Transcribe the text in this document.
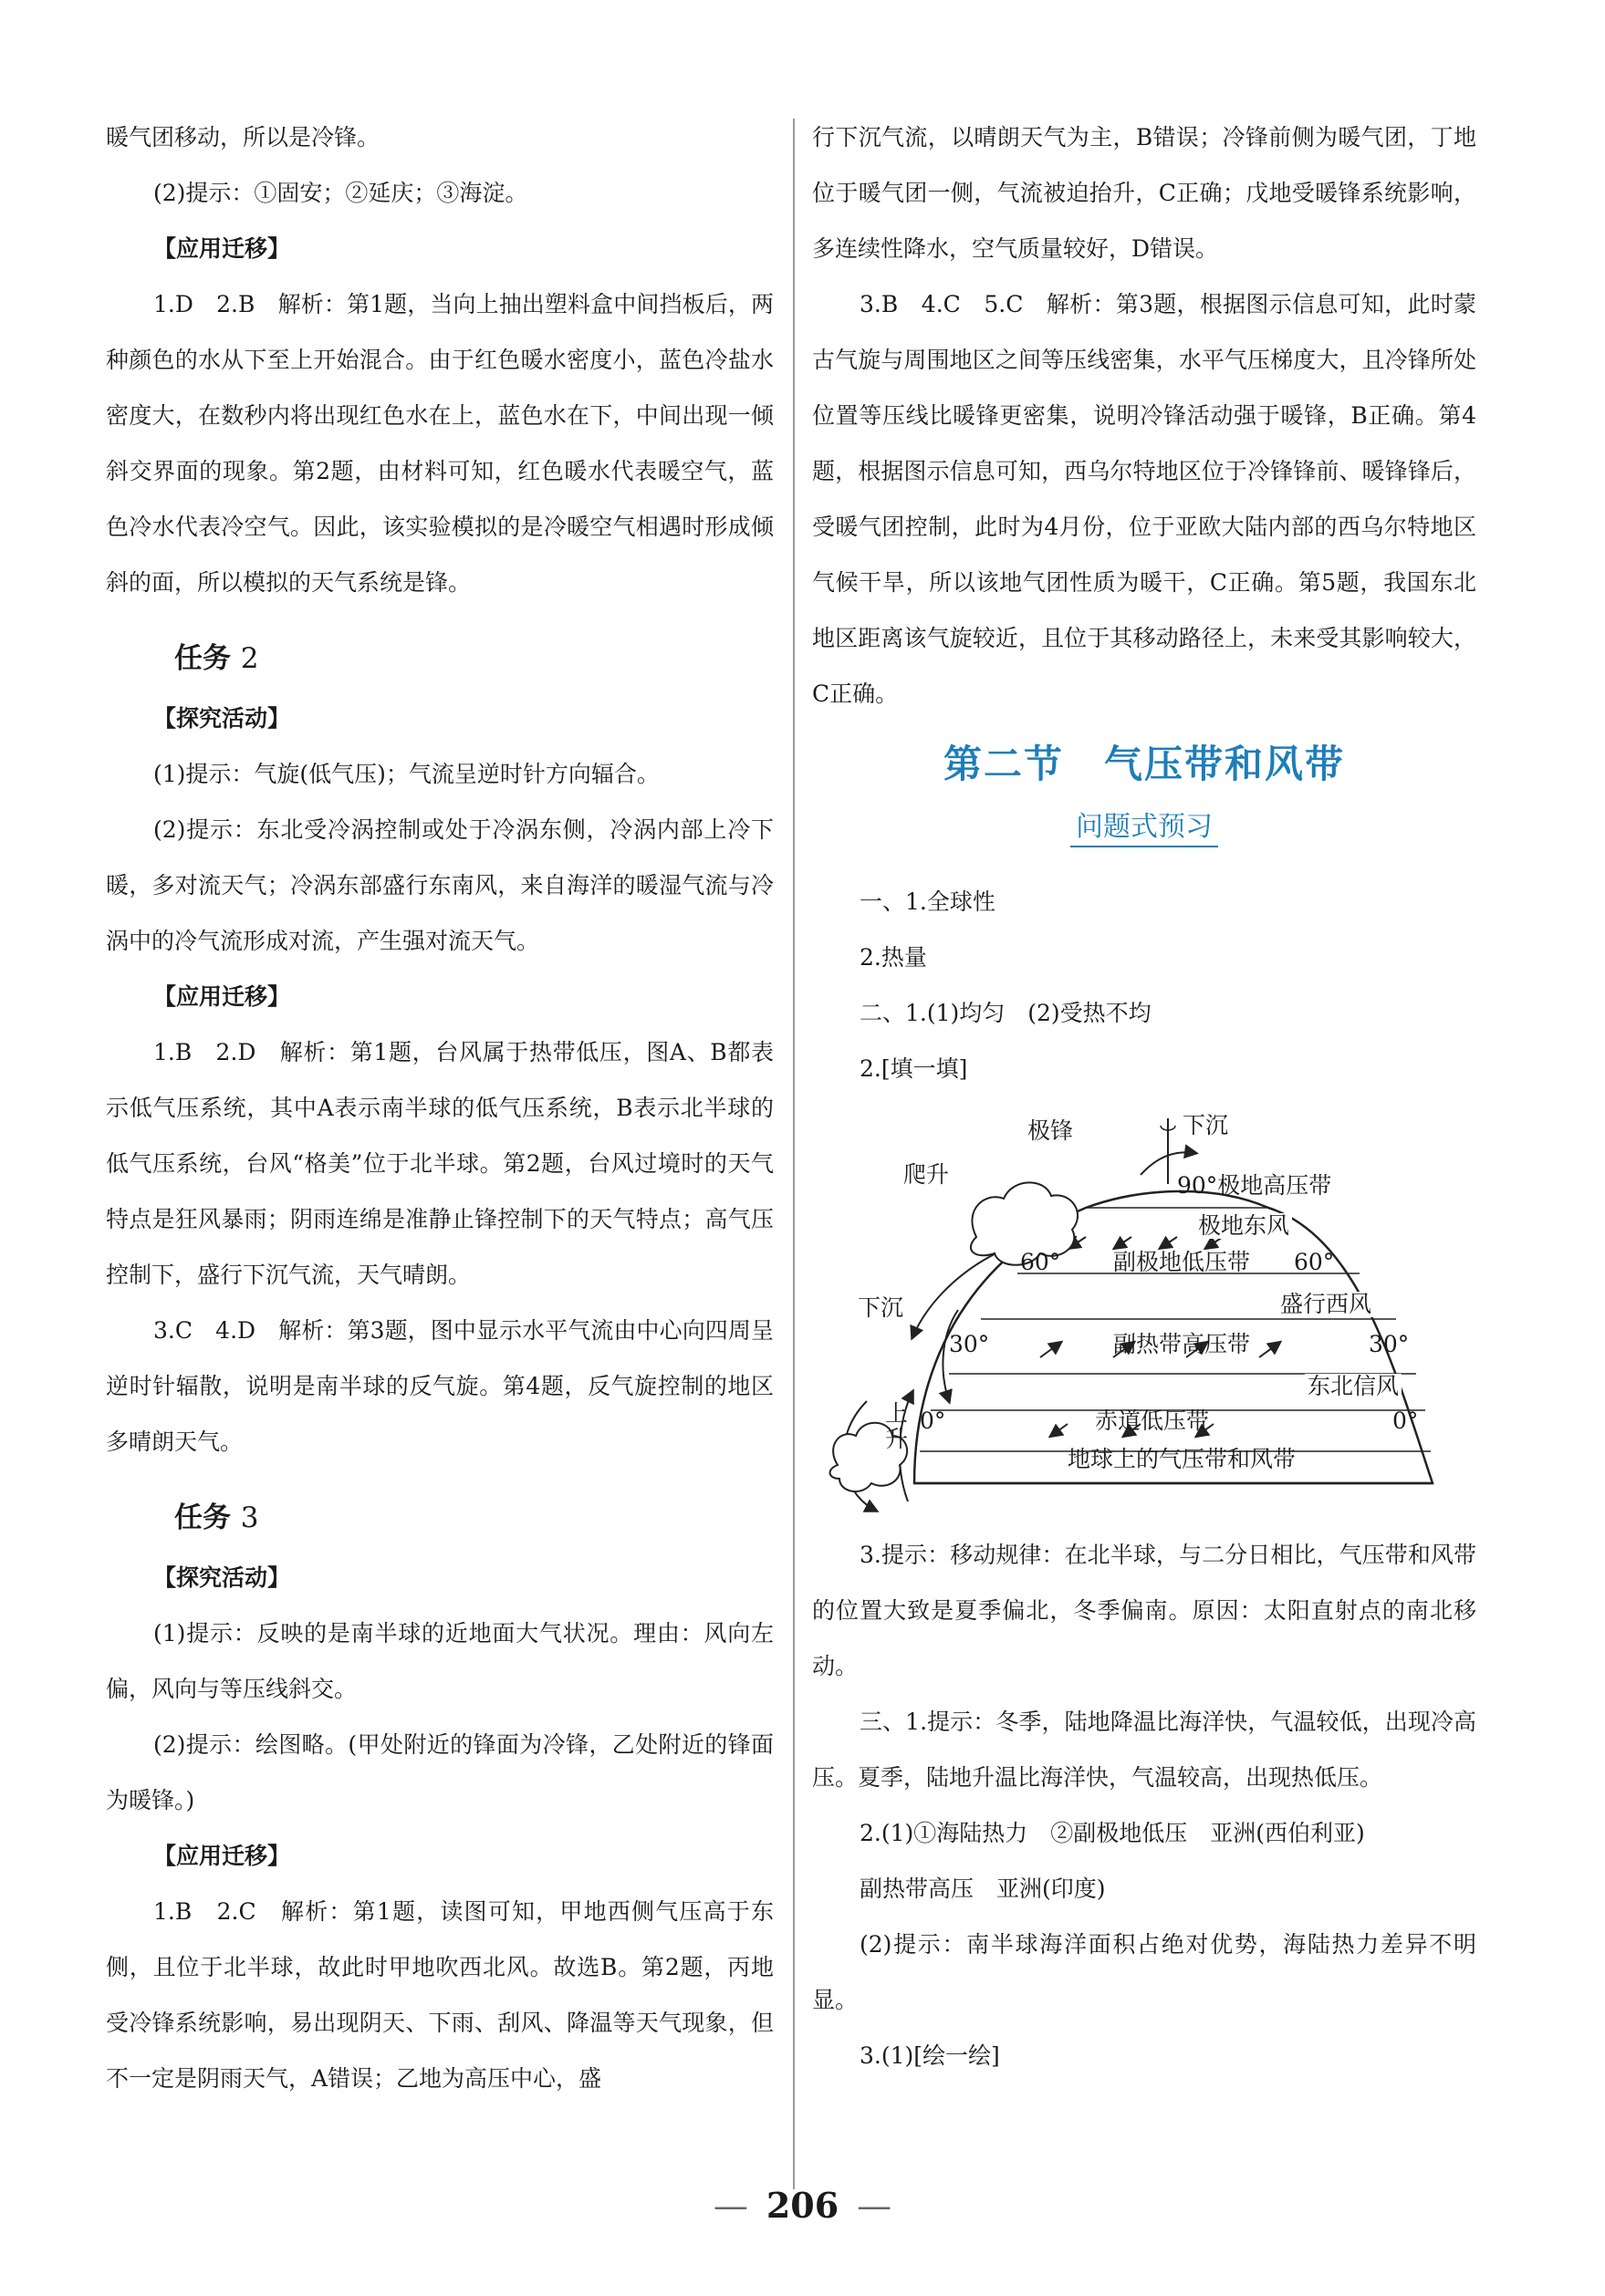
暖气团移动，所以是冷锋。

(2)提示：①固安；②延庆；③海淀。

【应用迁移】

1.D　2.B　解析：第1题，当向上抽出塑料盒中间挡板后，两种颜色的水从下至上开始混合。由于红色暖水密度小，蓝色冷盐水密度大，在数秒内将出现红色水在上，蓝色水在下，中间出现一倾斜交界面的现象。第2题，由材料可知，红色暖水代表暖空气，蓝色冷水代表冷空气。因此，该实验模拟的是冷暖空气相遇时形成倾斜的面，所以模拟的天气系统是锋。

任务 2

【探究活动】

(1)提示：气旋(低气压)；气流呈逆时针方向辐合。

(2)提示：东北受冷涡控制或处于冷涡东侧，冷涡内部上冷下暖，多对流天气；冷涡东部盛行东南风，来自海洋的暖湿气流与冷涡中的冷气流形成对流，产生强对流天气。

【应用迁移】

1.B　2.D　解析：第1题，台风属于热带低压，图A、B都表示低气压系统，其中A表示南半球的低气压系统，B表示北半球的低气压系统，台风“格美”位于北半球。第2题，台风过境时的天气特点是狂风暴雨；阴雨连绵是准静止锋控制下的天气特点；高气压控制下，盛行下沉气流，天气晴朗。

3.C　4.D　解析：第3题，图中显示水平气流由中心向四周呈逆时针辐散，说明是南半球的反气旋。第4题，反气旋控制的地区多晴朗天气。

任务 3

【探究活动】

(1)提示：反映的是南半球的近地面大气状况。理由：风向左偏，风向与等压线斜交。

(2)提示：绘图略。(甲处附近的锋面为冷锋，乙处附近的锋面为暖锋。)

【应用迁移】

1.B　2.C　解析：第1题，读图可知，甲地西侧气压高于东侧，且位于北半球，故此时甲地吹西北风。故选B。第2题，丙地受冷锋系统影响，易出现阴天、下雨、刮风、降温等天气现象，但不一定是阴雨天气，A错误；乙地为高压中心，盛

行下沉气流，以晴朗天气为主，B错误；冷锋前侧为暖气团，丁地位于暖气团一侧，气流被迫抬升，C正确；戊地受暖锋系统影响，多连续性降水，空气质量较好，D错误。

3.B　4.C　5.C　解析：第3题，根据图示信息可知，此时蒙古气旋与周围地区之间等压线密集，水平气压梯度大，且冷锋所处位置等压线比暖锋更密集，说明冷锋活动强于暖锋，B正确。第4题，根据图示信息可知，西乌尔特地区位于冷锋锋前、暖锋锋后，受暖气团控制，此时为4月份，位于亚欧大陆内部的西乌尔特地区气候干旱，所以该地气团性质为暖干，C正确。第5题，我国东北地区距离该气旋较近，且位于其移动路径上，未来受其影响较大，C正确。

第二节　气压带和风带
问题式预习

一、1.全球性

2.热量

二、1.(1)均匀　(2)受热不均

2.[填一填]

极锋	下沉
爬升	90°极地高压带
极地东风
60° 副极地低压带 60°
下沉	盛行西风
30°	副热带高压带	30°
东北信风
上
升
0°	赤道低压带	0°
地球上的气压带和风带

3.提示：移动规律：在北半球，与二分日相比，气压带和风带的位置大致是夏季偏北，冬季偏南。原因：太阳直射点的南北移动。

三、1.提示：冬季，陆地降温比海洋快，气温较低，出现冷高压。夏季，陆地升温比海洋快，气温较高，出现热低压。

2.(1)①海陆热力　②副极地低压　亚洲(西伯利亚)

副热带高压　亚洲(印度)

(2)提示：南半球海洋面积占绝对优势，海陆热力差异不明显。

3.(1)[绘一绘]

— 206 —
